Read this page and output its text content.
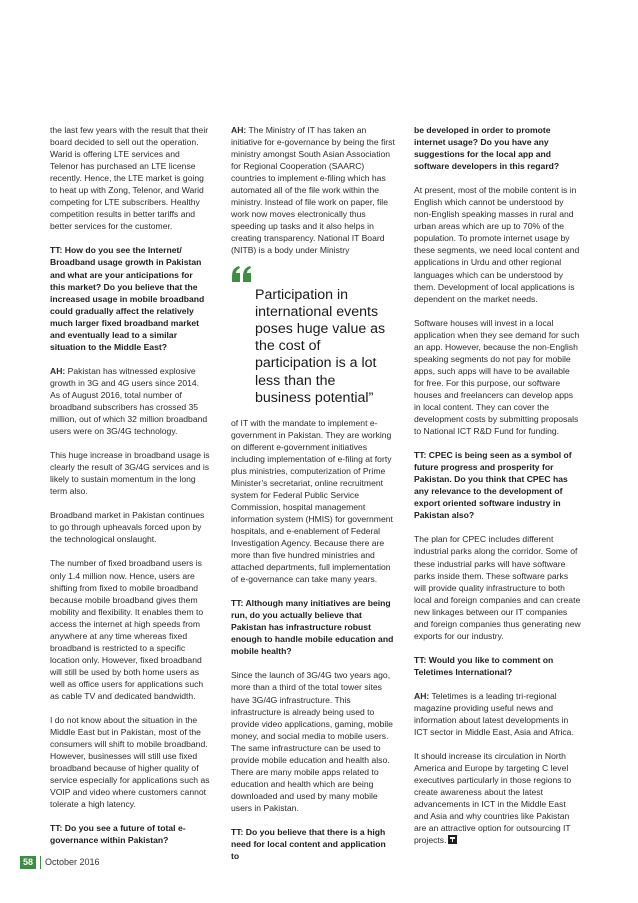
the last few years with the result that their board decided to sell out the operation. Warid is offering LTE services and Telenor has purchased an LTE license recently. Hence, the LTE market is going to heat up with Zong, Telenor, and Warid competing for LTE subscribers. Healthy competition results in better tariffs and better services for the customer.

TT: How do you see the Internet/ Broadband usage growth in Pakistan and what are your anticipations for this market? Do you believe that the increased usage in mobile broadband could gradually affect the relatively much larger fixed broadband market and eventually lead to a similar situation to the Middle East?

AH: Pakistan has witnessed explosive growth in 3G and 4G users since 2014. As of August 2016, total number of broadband subscribers has crossed 35 million, out of which 32 million broadband users were on 3G/4G technology.

This huge increase in broadband usage is clearly the result of 3G/4G services and is likely to sustain momentum in the long term also.

Broadband market in Pakistan continues to go through upheavals forced upon by the technological onslaught.

The number of fixed broadband users is only 1.4 million now. Hence, users are shifting from fixed to mobile broadband because mobile broadband gives them mobility and flexibility. It enables them to access the internet at high speeds from anywhere at any time whereas fixed broadband is restricted to a specific location only. However, fixed broadband will still be used by both home users as well as office users for applications such as cable TV and dedicated bandwidth.

I do not know about the situation in the Middle East but in Pakistan, most of the consumers will shift to mobile broadband. However, businesses will still use fixed broadband because of higher quality of service especially for applications such as VOIP and video where customers cannot tolerate a high latency.

TT: Do you see a future of total e-governance within Pakistan?

AH: The Ministry of IT has taken an initiative for e-governance by being the first ministry amongst South Asian Association for Regional Cooperation (SAARC) countries to implement e-filing which has automated all of the file work within the ministry. Instead of file work on paper, file work now moves electronically thus speeding up tasks and it also helps in creating transparency. National IT Board (NITB) is a body under Ministry

Participation in international events poses huge value as the cost of participation is a lot less than the business potential”

of IT with the mandate to implement e-government in Pakistan. They are working on different e-government initiatives including implementation of e-filing at forty plus ministries, computerization of Prime Minister’s secretariat, online recruitment system for Federal Public Service Commission, hospital management information system (HMIS) for government hospitals, and e-enablement of Federal Investigation Agency. Because there are more than five hundred ministries and attached departments, full implementation of e-governance can take many years.

TT: Although many initiatives are being run, do you actually believe that Pakistan has infrastructure robust enough to handle mobile education and mobile health?

Since the launch of 3G/4G two years ago, more than a third of the total tower sites have 3G/4G infrastructure. This infrastructure is already being used to provide video applications, gaming, mobile money, and social media to mobile users. The same infrastructure can be used to provide mobile education and health also. There are many mobile apps related to education and health which are being downloaded and used by many mobile users in Pakistan.

TT: Do you believe that there is a high need for local content and application to

be developed in order to promote internet usage? Do you have any suggestions for the local app and software developers in this regard?

At present, most of the mobile content is in English which cannot be understood by non-English speaking masses in rural and urban areas which are up to 70% of the population. To promote internet usage by these segments, we need local content and applications in Urdu and other regional languages which can be understood by them. Development of local applications is dependent on the market needs.

Software houses will invest in a local application when they see demand for such an app. However, because the non-English speaking segments do not pay for mobile apps, such apps will have to be available for free. For this purpose, our software houses and freelancers can develop apps in local content. They can cover the development costs by submitting proposals to National ICT R&D Fund for funding.

TT: CPEC is being seen as a symbol of future progress and prosperity for Pakistan. Do you think that CPEC has any relevance to the development of export oriented software industry in Pakistan also?

The plan for CPEC includes different industrial parks along the corridor. Some of these industrial parks will have software parks inside them. These software parks will provide quality infrastructure to both local and foreign companies and can create new linkages between our IT companies and foreign companies thus generating new exports for our industry.

TT: Would you like to comment on Teletimes International?

AH: Teletimes is a leading tri-regional magazine providing useful news and information about latest developments in ICT sector in Middle East, Asia and Africa.

It should increase its circulation in North America and Europe by targeting C level executives particularly in those regions to create awareness about the latest advancements in ICT in the Middle East and Asia and why countries like Pakistan are an attractive option for outsourcing IT projects.

58	October 2016
